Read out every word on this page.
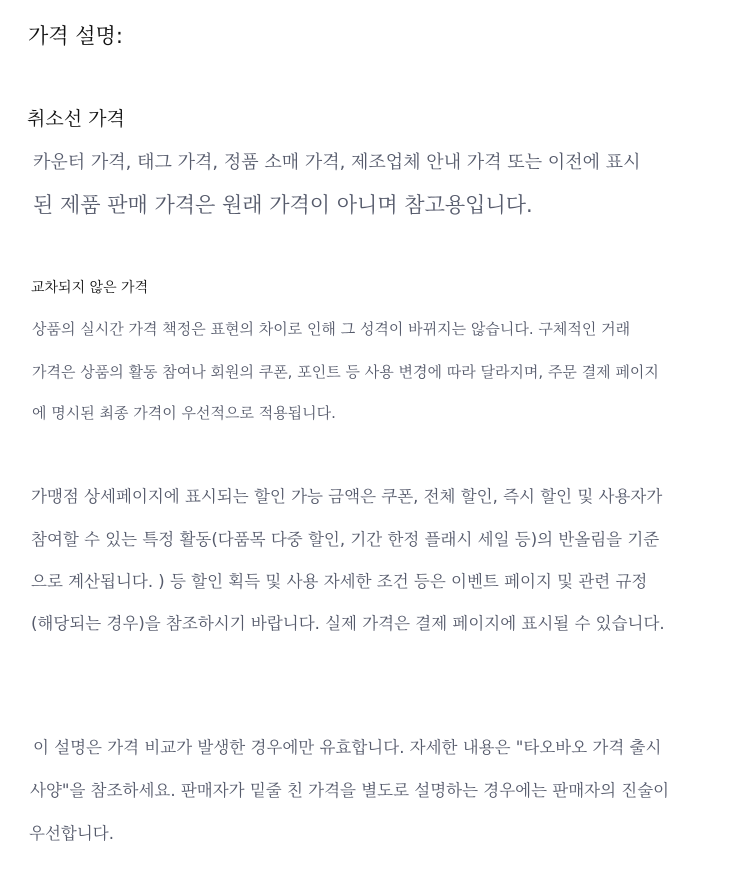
가격 설명:
취소선 가격
카운터 가격, 태그 가격, 정품 소매 가격, 제조업체 안내 가격 또는 이전에 표시
된 제품 판매 가격은 원래 가격이 아니며 참고용입니다.
교차되지 않은 가격
상품의 실시간 가격 책정은 표현의 차이로 인해 그 성격이 바뀌지는 않습니다. 구체적인 거래
가격은 상품의 활동 참여나 회원의 쿠폰, 포인트 등 사용 변경에 따라 달라지며, 주문 결제 페이지
에 명시된 최종 가격이 우선적으로 적용됩니다.
가맹점 상세페이지에 표시되는 할인 가능 금액은 쿠폰, 전체 할인, 즉시 할인 및 사용자가
참여할 수 있는 특정 활동(다품목 다중 할인, 기간 한정 플래시 세일 등)의 반올림을 기준
으로 계산됩니다. ) 등 할인 획득 및 사용 자세한 조건 등은 이벤트 페이지 및 관련 규정
(해당되는 경우)을 참조하시기 바랍니다. 실제 가격은 결제 페이지에 표시될 수 있습니다.
이 설명은 가격 비교가 발생한 경우에만 유효합니다. 자세한 내용은 "타오바오 가격 출시
사양"을 참조하세요. 판매자가 밑줄 친 가격을 별도로 설명하는 경우에는 판매자의 진술이
우선합니다.
